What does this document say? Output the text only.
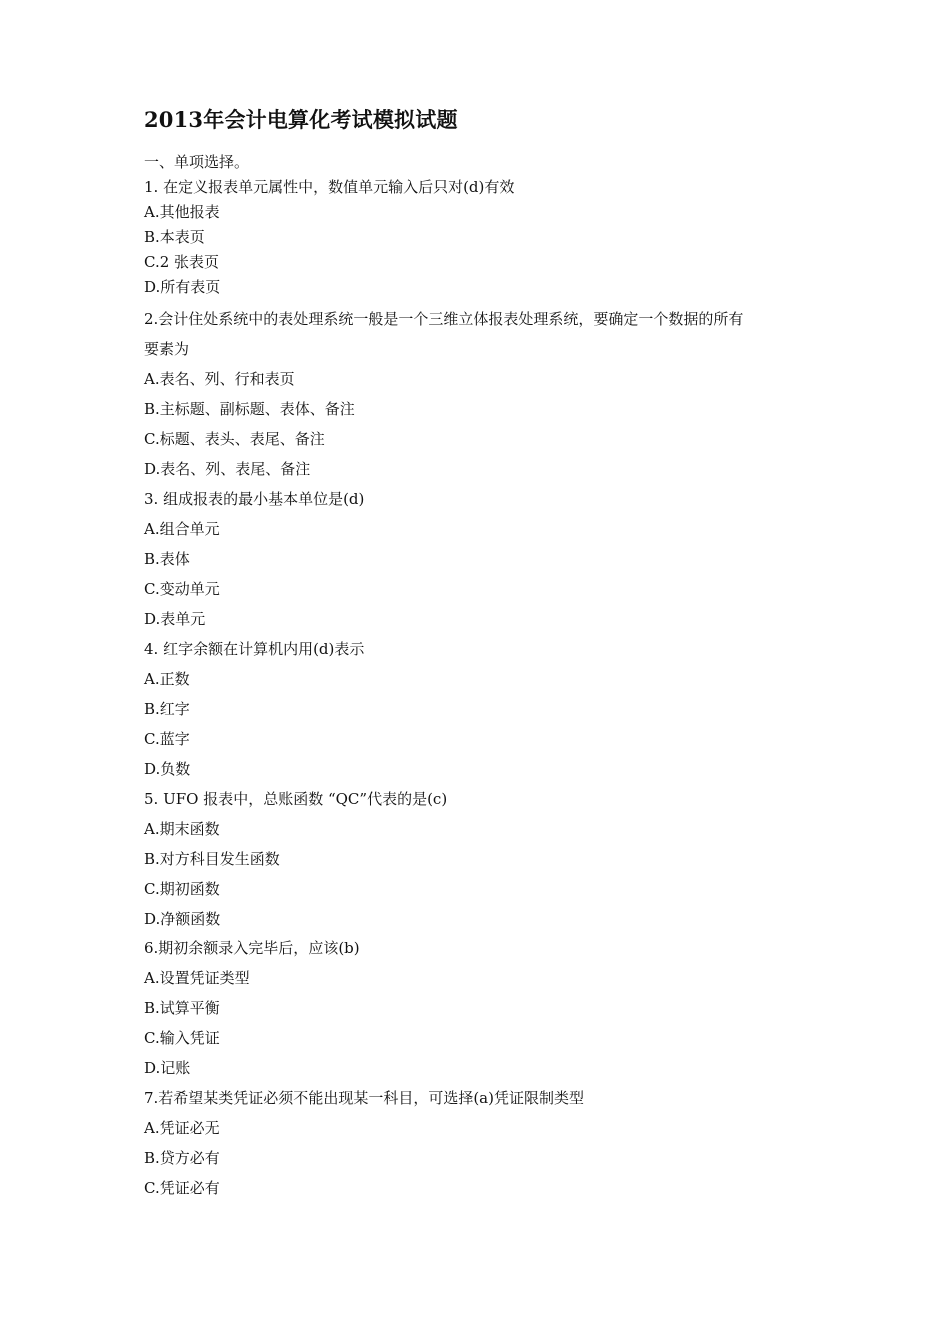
2013年会计电算化考试模拟试题
一、单项选择。
1. 在定义报表单元属性中，数值单元输入后只对(d)有效
A.其他报表
B.本表页
C.2 张表页
D.所有表页
2.会计住处系统中的表处理系统一般是一个三维立体报表处理系统，要确定一个数据的所有
要素为
A.表名、列、行和表页
B.主标题、副标题、表体、备注
C.标题、表头、表尾、备注
D.表名、列、表尾、备注
3. 组成报表的最小基本单位是(d)
A.组合单元
B.表体
C.变动单元
D.表单元
4. 红字余额在计算机内用(d)表示
A.正数
B.红字
C.蓝字
D.负数
5. UFO 报表中，总账函数 “QC”代表的是(c)
A.期末函数
B.对方科目发生函数
C.期初函数
D.净额函数
6.期初余额录入完毕后，应该(b)
A.设置凭证类型
B.试算平衡
C.输入凭证
D.记账
7.若希望某类凭证必须不能出现某一科目，可选择(a)凭证限制类型
A.凭证必无
B.贷方必有
C.凭证必有
